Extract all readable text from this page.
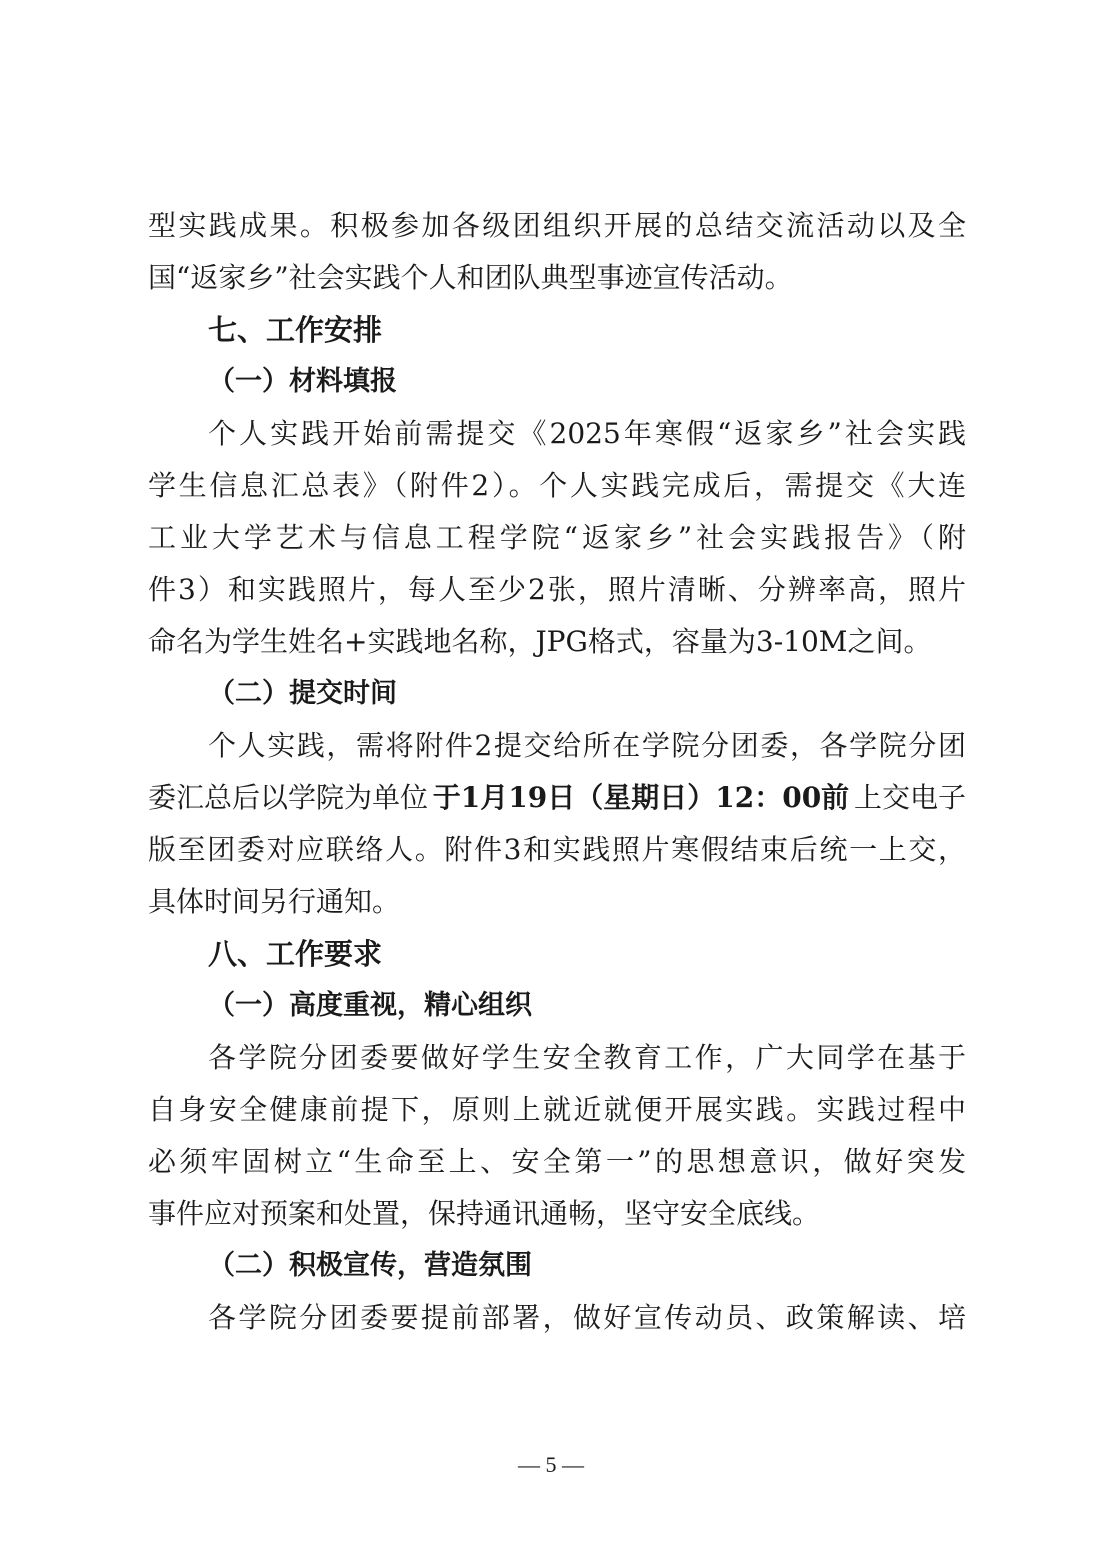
型实践成果。积极参加各级团组织开展的总结交流活动以及全
国“返家乡”社会实践个人和团队典型事迹宣传活动。
七、工作安排
（一）材料填报
个人实践开始前需提交《2025年寒假“返家乡”社会实践
学生信息汇总表》（附件2）。个人实践完成后，需提交《大连
工业大学艺术与信息工程学院“返家乡”社会实践报告》（附
件3）和实践照片，每人至少2张，照片清晰、分辨率高，照片
命名为学生姓名+实践地名称，JPG格式，容量为3-10M之间。
（二）提交时间
个人实践，需将附件2提交给所在学院分团委，各学院分团
委汇总后以学院为单位 于1月19日（星期日）12：00前 上交电子
版至团委对应联络人。附件3和实践照片寒假结束后统一上交，
具体时间另行通知。
八、工作要求
（一）高度重视，精心组织
各学院分团委要做好学生安全教育工作，广大同学在基于
自身安全健康前提下，原则上就近就便开展实践。实践过程中
必须牢固树立“生命至上、安全第一”的思想意识，做好突发
事件应对预案和处置，保持通讯通畅，坚守安全底线。
（二）积极宣传，营造氛围
各学院分团委要提前部署，做好宣传动员、政策解读、培
— 5 —
